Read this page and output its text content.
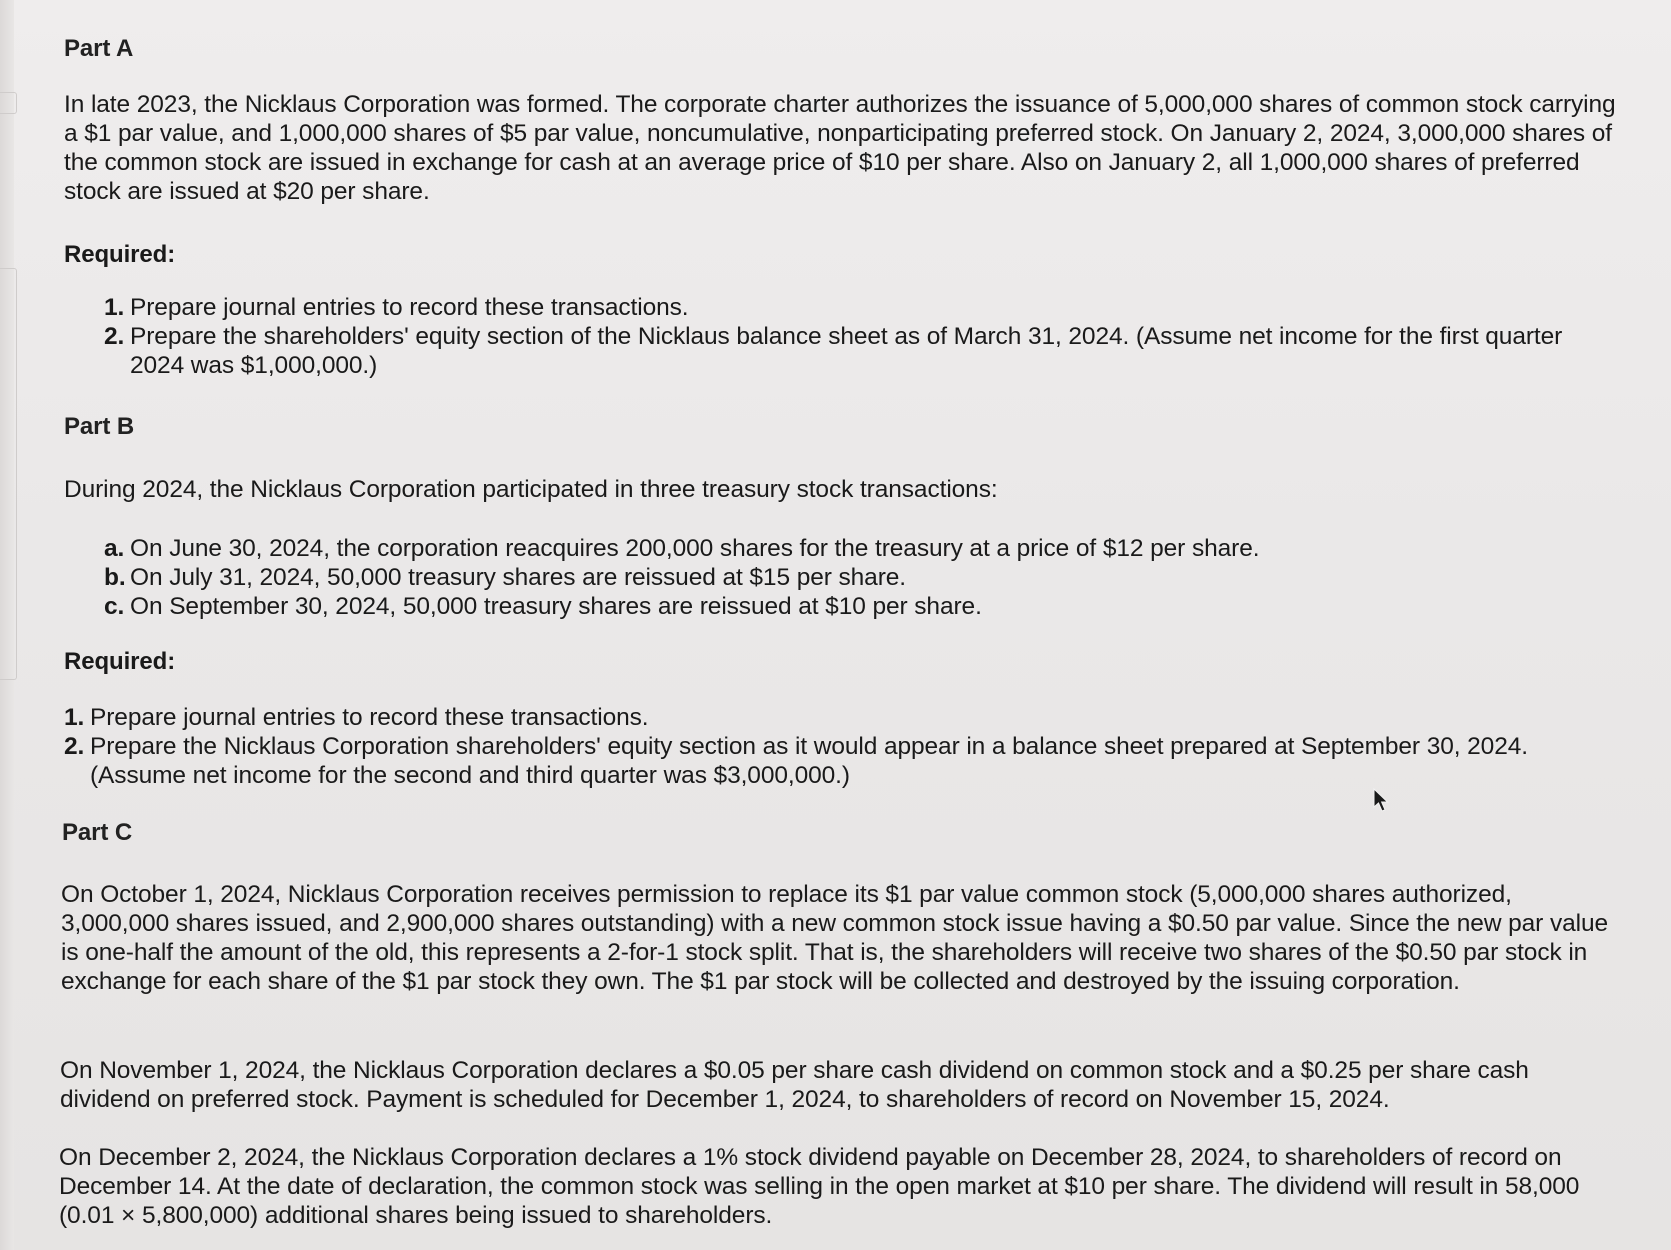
Part A

In late 2023, the Nicklaus Corporation was formed. The corporate charter authorizes the issuance of 5,000,000 shares of common stock carrying a $1 par value, and 1,000,000 shares of $5 par value, noncumulative, nonparticipating preferred stock. On January 2, 2024, 3,000,000 shares of the common stock are issued in exchange for cash at an average price of $10 per share. Also on January 2, all 1,000,000 shares of preferred stock are issued at $20 per share.

Required:
1. Prepare journal entries to record these transactions.
2. Prepare the shareholders' equity section of the Nicklaus balance sheet as of March 31, 2024. (Assume net income for the first quarter 2024 was $1,000,000.)
Part B

During 2024, the Nicklaus Corporation participated in three treasury stock transactions:

a. On June 30, 2024, the corporation reacquires 200,000 shares for the treasury at a price of $12 per share.
b. On July 31, 2024, 50,000 treasury shares are reissued at $15 per share.
c. On September 30, 2024, 50,000 treasury shares are reissued at $10 per share.
Required:
1. Prepare journal entries to record these transactions.
2. Prepare the Nicklaus Corporation shareholders' equity section as it would appear in a balance sheet prepared at September 30, 2024. (Assume net income for the second and third quarter was $3,000,000.)
Part C

On October 1, 2024, Nicklaus Corporation receives permission to replace its $1 par value common stock (5,000,000 shares authorized, 3,000,000 shares issued, and 2,900,000 shares outstanding) with a new common stock issue having a $0.50 par value. Since the new par value is one-half the amount of the old, this represents a 2-for-1 stock split. That is, the shareholders will receive two shares of the $0.50 par stock in exchange for each share of the $1 par stock they own. The $1 par stock will be collected and destroyed by the issuing corporation.

On November 1, 2024, the Nicklaus Corporation declares a $0.05 per share cash dividend on common stock and a $0.25 per share cash dividend on preferred stock. Payment is scheduled for December 1, 2024, to shareholders of record on November 15, 2024.

On December 2, 2024, the Nicklaus Corporation declares a 1% stock dividend payable on December 28, 2024, to shareholders of record on December 14. At the date of declaration, the common stock was selling in the open market at $10 per share. The dividend will result in 58,000 (0.01 × 5,800,000) additional shares being issued to shareholders.
